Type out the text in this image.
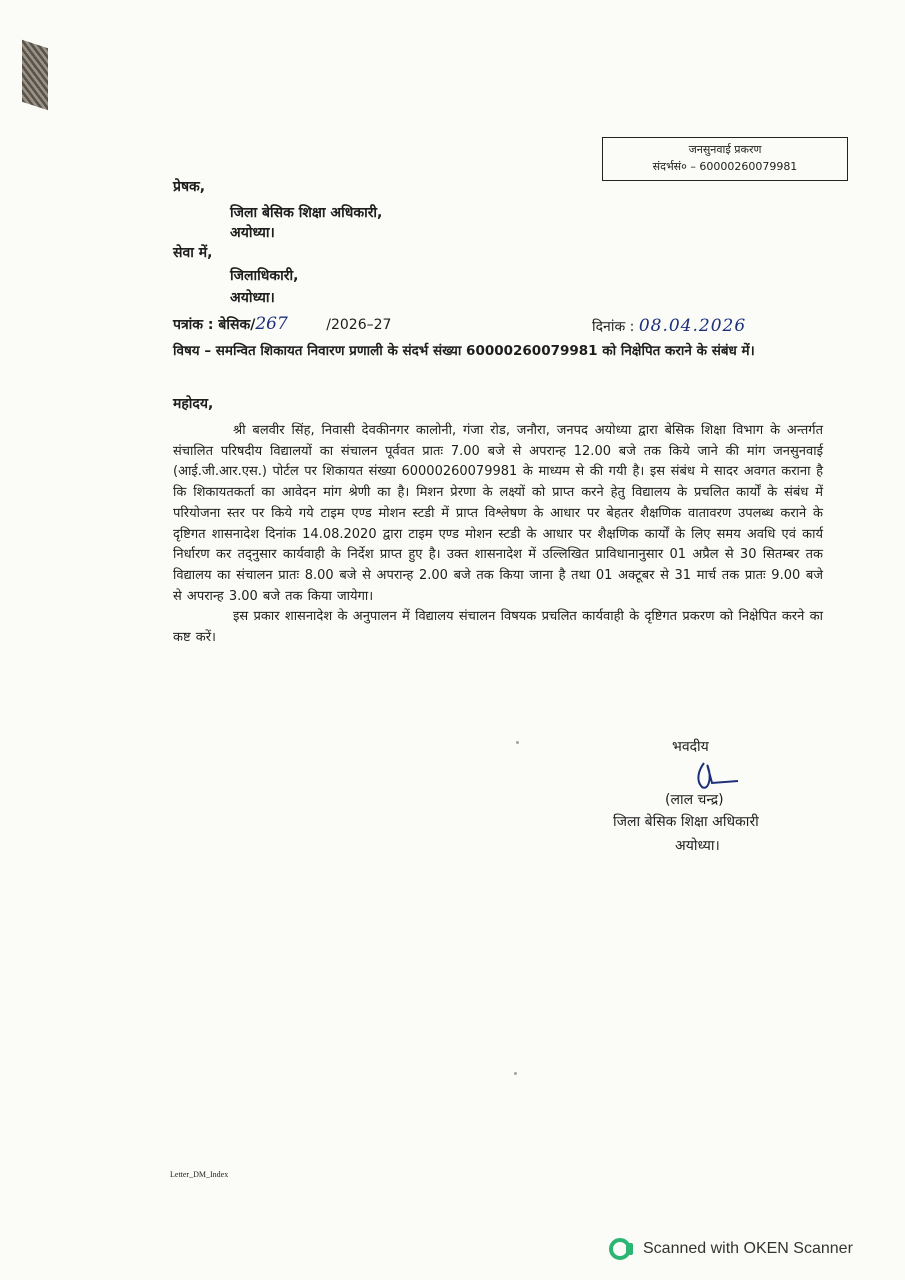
जनसुनवाई प्रकरण
संदर्भसं० – 60000260079981
प्रेषक,
जिला बेसिक शिक्षा अधिकारी,
अयोध्या।
सेवा में,
जिलाधिकारी,
अयोध्या।
पत्रांक : बेसिक/267	/2026–27	दिनांक : 08.04.2026
विषय – समन्वित शिकायत निवारण प्रणाली के संदर्भ संख्या 60000260079981 को निक्षेपित कराने के संबंध में।
महोदय,

श्री बलवीर सिंह, निवासी देवकीनगर कालोनी, गंजा रोड, जनौरा, जनपद अयोध्या द्वारा बेसिक शिक्षा विभाग के अन्तर्गत संचालित परिषदीय विद्यालयों का संचालन पूर्ववत प्रातः 7.00 बजे से अपरान्ह 12.00 बजे तक किये जाने की मांग जनसुनवाई (आई.जी.आर.एस.) पोर्टल पर शिकायत संख्या 60000260079981 के माध्यम से की गयी है। इस संबंध मे सादर अवगत कराना है कि शिकायतकर्ता का आवेदन मांग श्रेणी का है। मिशन प्रेरणा के लक्ष्यों को प्राप्त करने हेतु विद्यालय के प्रचलित कार्यों के संबंध में परियोजना स्तर पर किये गये टाइम एण्ड मोशन स्टडी में प्राप्त विश्लेषण के आधार पर बेहतर शैक्षणिक वातावरण उपलब्ध कराने के दृष्टिगत शासनादेश दिनांक 14.08.2020 द्वारा टाइम एण्ड मोशन स्टडी के आधार पर शैक्षणिक कार्यों के लिए समय अवधि एवं कार्य निर्धारण कर तद्नुसार कार्यवाही के निर्देश प्राप्त हुए है। उक्त शासनादेश में उल्लिखित प्राविधानानुसार 01 अप्रैल से 30 सितम्बर तक विद्यालय का संचालन प्रातः 8.00 बजे से अपरान्ह 2.00 बजे तक किया जाना है तथा 01 अक्टूबर से 31 मार्च तक प्रातः 9.00 बजे से अपरान्ह 3.00 बजे तक किया जायेगा।

इस प्रकार शासनादेश के अनुपालन में विद्यालय संचालन विषयक प्रचलित कार्यवाही के दृष्टिगत प्रकरण को निक्षेपित करने का कष्ट करें।

भवदीय
(लाल चन्द्र)
जिला बेसिक शिक्षा अधिकारी
अयोध्या।
Letter_DM_Index
Scanned with OKEN Scanner
